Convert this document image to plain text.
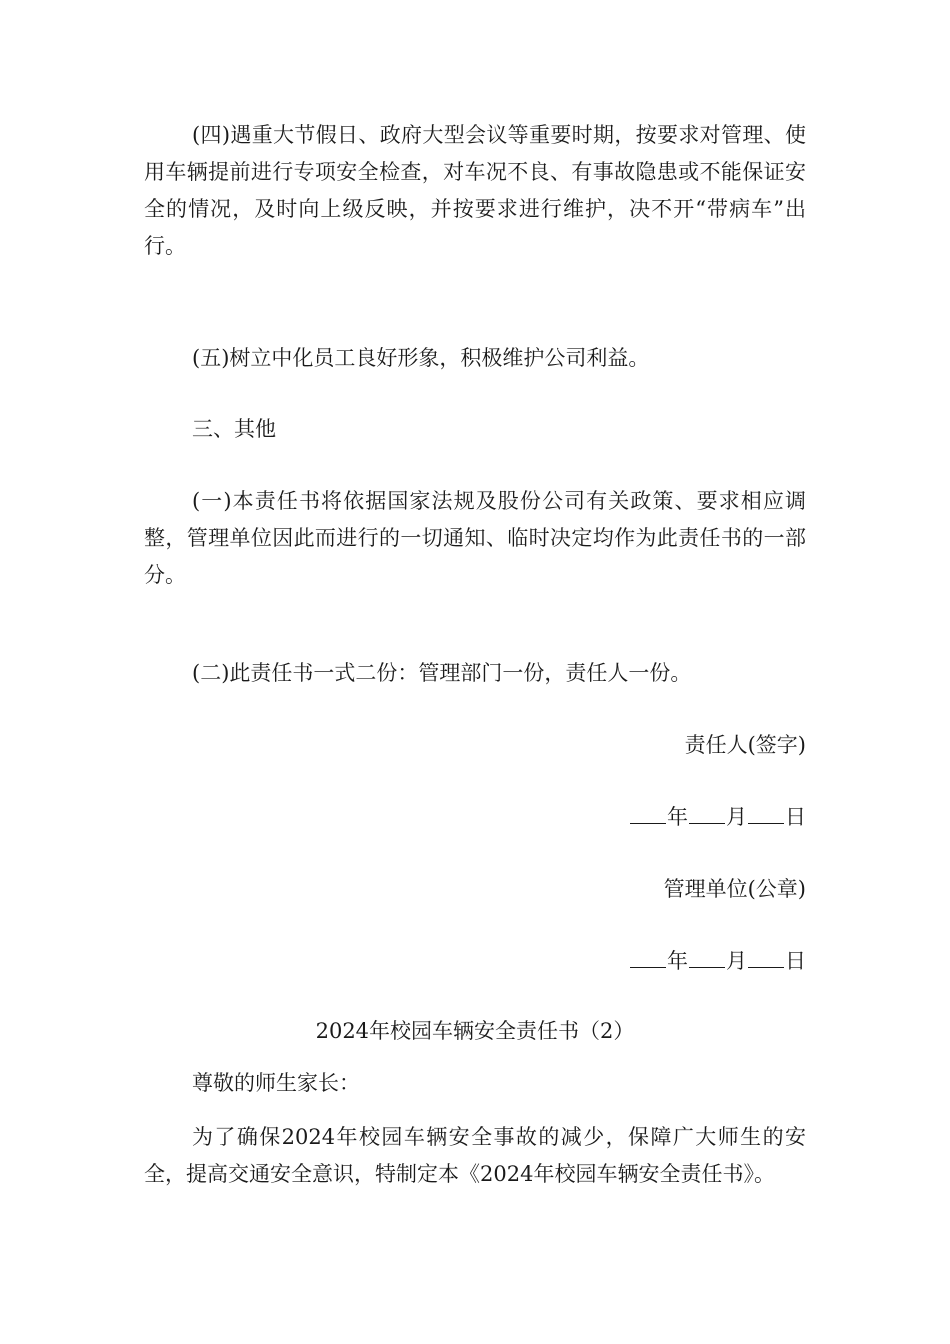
(四)遇重大节假日、政府大型会议等重要时期，按要求对管理、使用车辆提前进行专项安全检查，对车况不良、有事故隐患或不能保证安全的情况，及时向上级反映，并按要求进行维护，决不开“带病车”出行。

(五)树立中化员工良好形象，积极维护公司利益。

三、其他

(一)本责任书将依据国家法规及股份公司有关政策、要求相应调整，管理单位因此而进行的一切通知、临时决定均作为此责任书的一部分。

(二)此责任书一式二份：管理部门一份，责任人一份。

责任人(签字)
年 月 日
管理单位(公章)
年 月 日
2024年校园车辆安全责任书（2）

尊敬的师生家长：

为了确保2024年校园车辆安全事故的减少，保障广大师生的安全，提高交通安全意识，特制定本《2024年校园车辆安全责任书》。
